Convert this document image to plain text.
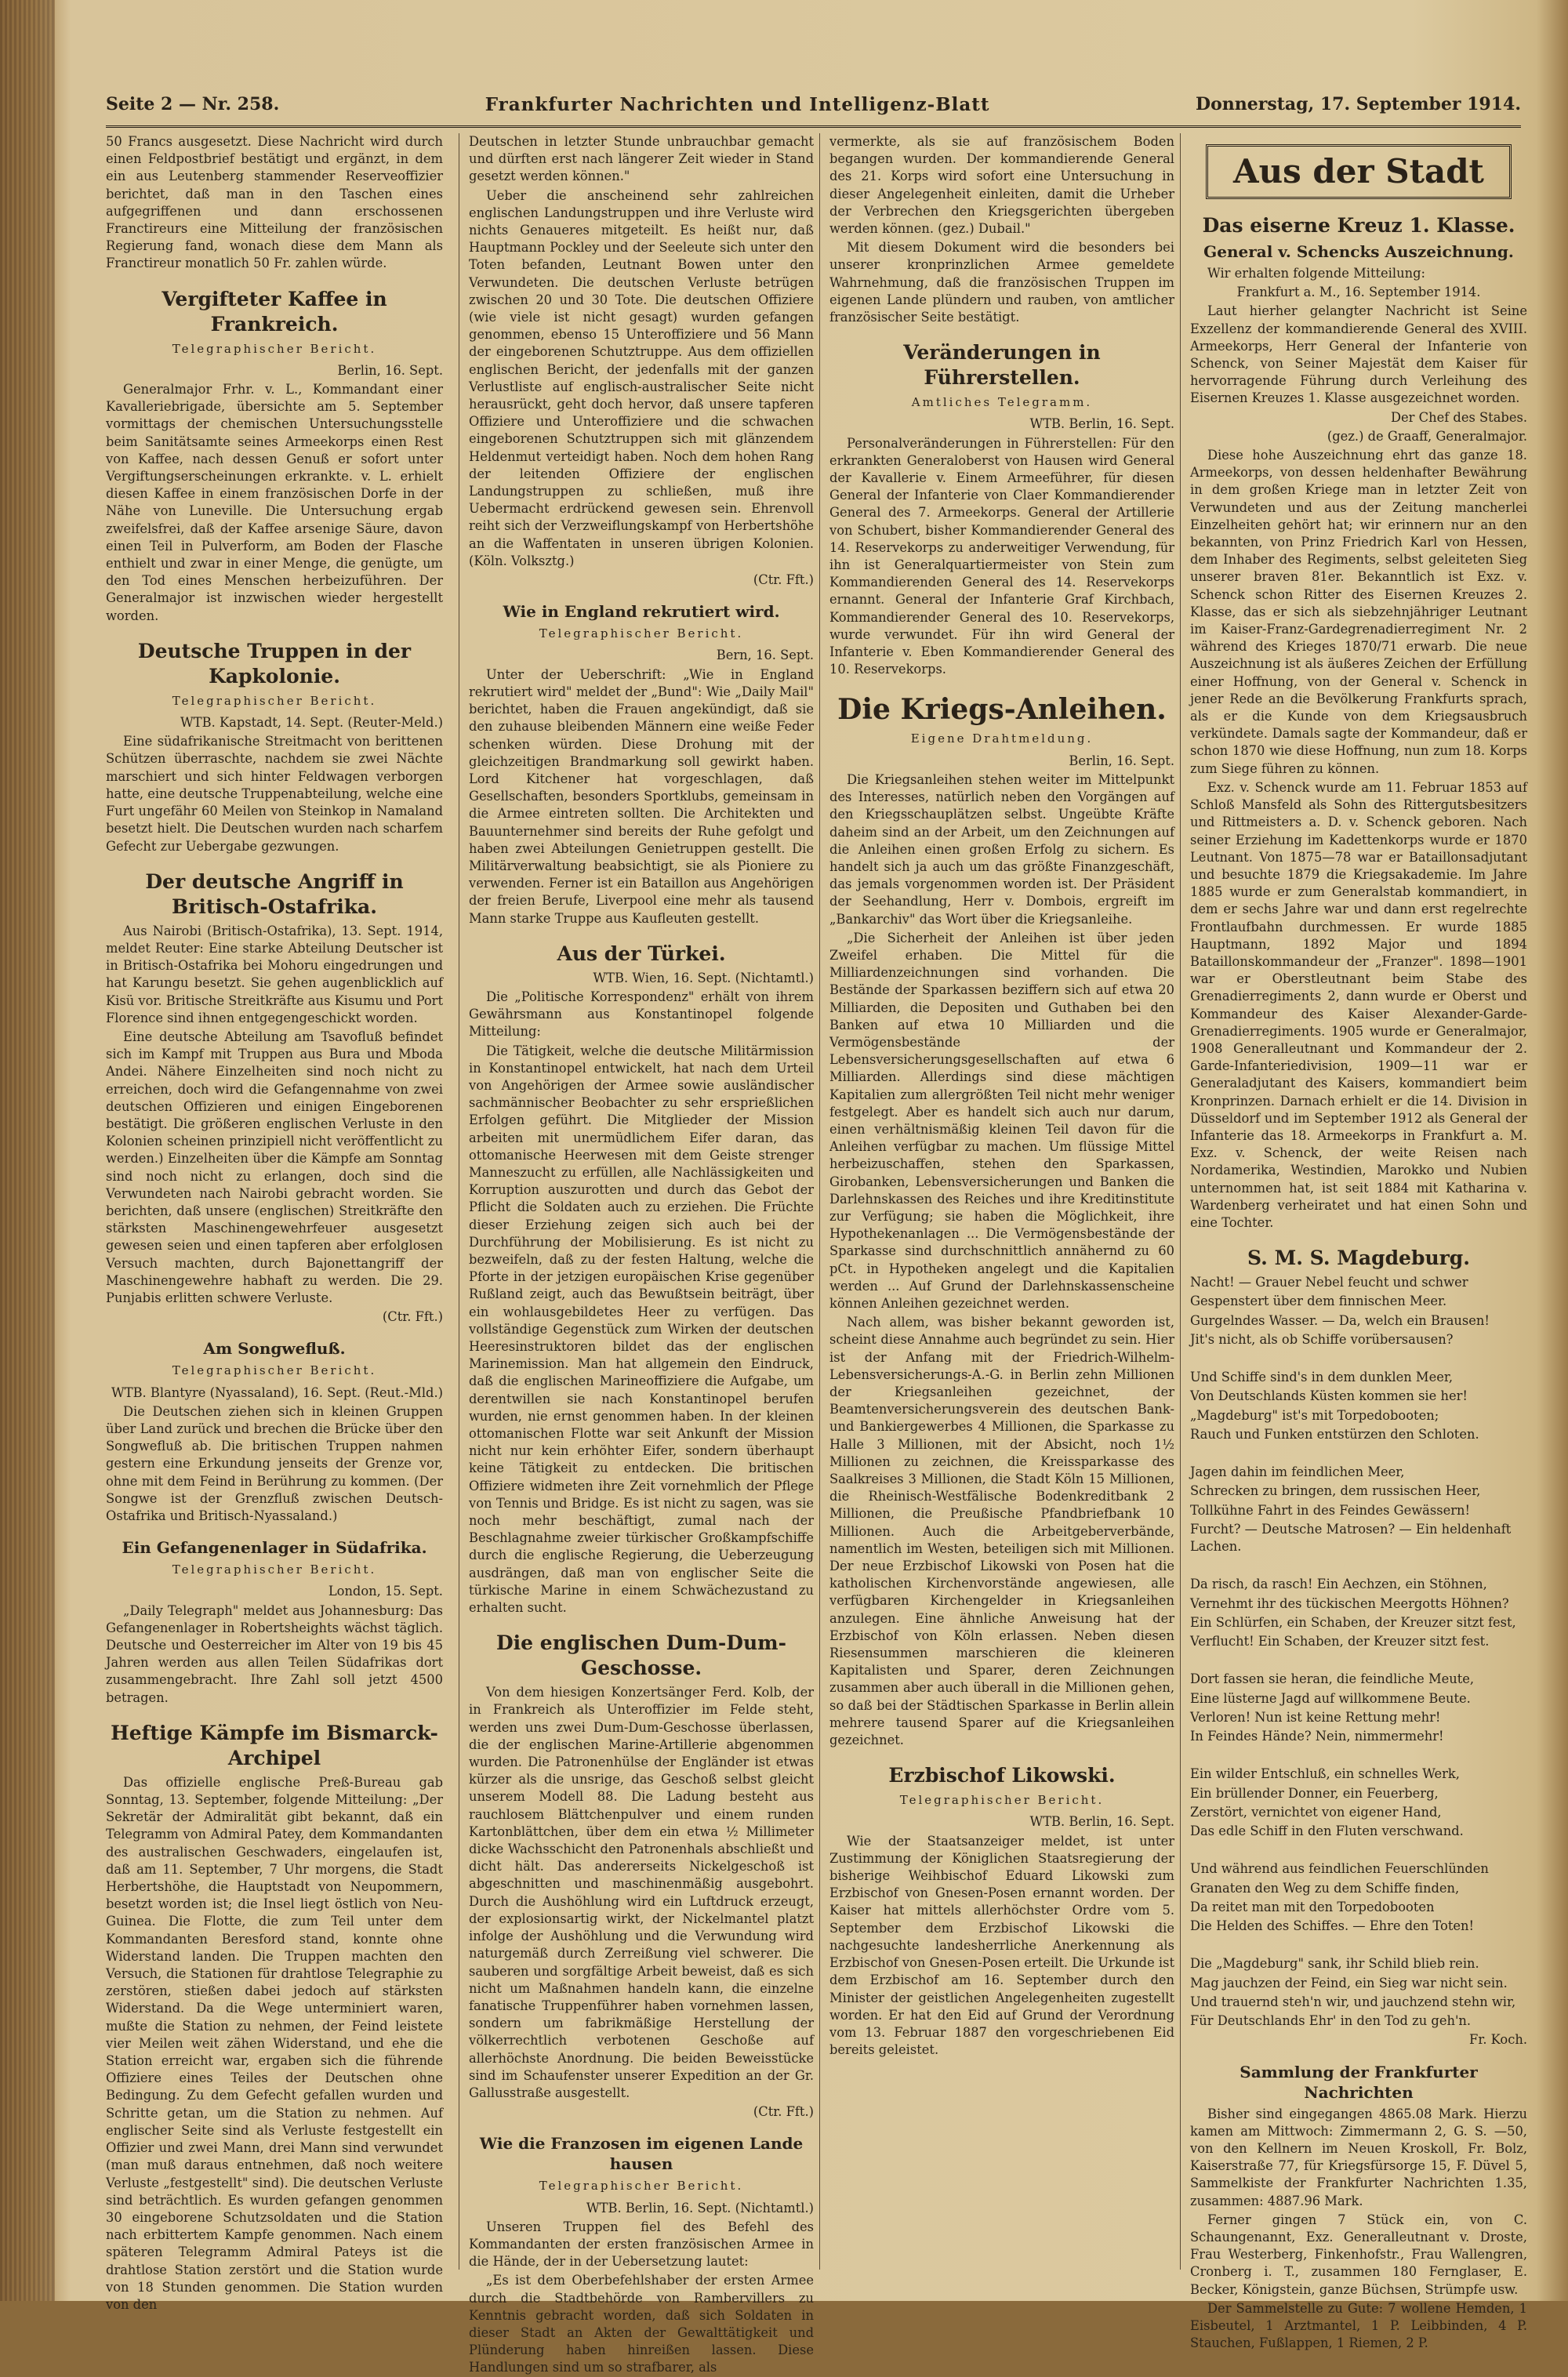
Seite 2 — Nr. 258.	Frankfurter Nachrichten und Intelligenz-Blatt	Donnerstag, 17. September 1914.

50 Francs ausgesetzt. Diese Nachricht wird durch einen Feldpostbrief bestätigt und ergänzt, in dem ein aus Leutenberg stammender Reserveoffizier berichtet, daß man in den Taschen eines aufgegriffenen und dann erschossenen Franctireurs eine Mitteilung der französischen Regierung fand, wonach diese dem Mann als Franctireur monatlich 50 Fr. zahlen würde.

Vergifteter Kaffee in Frankreich.
Telegraphischer Bericht.
Berlin, 16. Sept.

Generalmajor Frhr. v. L., Kommandant einer Kavalleriebrigade, übersichte am 5. September vormittags der chemischen Untersuchungsstelle beim Sanitätsamte seines Armeekorps einen Rest von Kaffee, nach dessen Genuß er sofort unter Vergiftungserscheinungen erkrankte. v. L. erhielt diesen Kaffee in einem französischen Dorfe in der Nähe von Luneville. Die Untersuchung ergab zweifelsfrei, daß der Kaffee arsenige Säure, davon einen Teil in Pulverform, am Boden der Flasche enthielt und zwar in einer Menge, die genügte, um den Tod eines Menschen herbeizuführen. Der Generalmajor ist inzwischen wieder hergestellt worden.

Deutsche Truppen in der Kapkolonie.
Telegraphischer Bericht.
WTB. Kapstadt, 14. Sept. (Reuter-Meld.)

Eine südafrikanische Streitmacht von berittenen Schützen überraschte, nachdem sie zwei Nächte marschiert und sich hinter Feldwagen verborgen hatte, eine deutsche Truppenabteilung, welche eine Furt ungefähr 60 Meilen von Steinkop in Namaland besetzt hielt. Die Deutschen wurden nach scharfem Gefecht zur Uebergabe gezwungen.

Der deutsche Angriff in Britisch-Ostafrika.

Aus Nairobi (Britisch-Ostafrika), 13. Sept. 1914, meldet Reuter: Eine starke Abteilung Deutscher ist in Britisch-Ostafrika bei Mohoru eingedrungen und hat Karungu besetzt. Sie gehen augenblicklich auf Kisü vor. Britische Streitkräfte aus Kisumu und Port Florence sind ihnen entgegengeschickt worden.

Eine deutsche Abteilung am Tsavofluß befindet sich im Kampf mit Truppen aus Bura und Mboda Andei. Nähere Einzelheiten sind noch nicht zu erreichen, doch wird die Gefangennahme von zwei deutschen Offizieren und einigen Eingeborenen bestätigt. Die größeren englischen Verluste in den Kolonien scheinen prinzipiell nicht veröffentlicht zu werden.) Einzelheiten über die Kämpfe am Sonntag sind noch nicht zu erlangen, doch sind die Verwundeten nach Nairobi gebracht worden. Sie berichten, daß unsere (englischen) Streitkräfte den stärksten Maschinengewehrfeuer ausgesetzt gewesen seien und einen tapferen aber erfolglosen Versuch machten, durch Bajonettangriff der Maschinengewehre habhaft zu werden. Die 29. Punjabis erlitten schwere Verluste.

(Ctr. Fft.)
Am Songwefluß.
Telegraphischer Bericht.
WTB. Blantyre (Nyassaland), 16. Sept. (Reut.-Mld.)

Die Deutschen ziehen sich in kleinen Gruppen über Land zurück und brechen die Brücke über den Songwefluß ab. Die britischen Truppen nahmen gestern eine Erkundung jenseits der Grenze vor, ohne mit dem Feind in Berührung zu kommen. (Der Songwe ist der Grenzfluß zwischen Deutsch-Ostafrika und Britisch-Nyassaland.)

Ein Gefangenenlager in Südafrika.
Telegraphischer Bericht.
London, 15. Sept.

„Daily Telegraph" meldet aus Johannesburg: Das Gefangenenlager in Robertsheights wächst täglich. Deutsche und Oesterreicher im Alter von 19 bis 45 Jahren werden aus allen Teilen Südafrikas dort zusammengebracht. Ihre Zahl soll jetzt 4500 betragen.

Heftige Kämpfe im Bismarck-Archipel

Das offizielle englische Preß-Bureau gab Sonntag, 13. September, folgende Mitteilung: „Der Sekretär der Admiralität gibt bekannt, daß ein Telegramm von Admiral Patey, dem Kommandanten des australischen Geschwaders, eingelaufen ist, daß am 11. September, 7 Uhr morgens, die Stadt Herbertshöhe, die Hauptstadt von Neupommern, besetzt worden ist; die Insel liegt östlich von Neu-Guinea. Die Flotte, die zum Teil unter dem Kommandanten Beresford stand, konnte ohne Widerstand landen. Die Truppen machten den Versuch, die Stationen für drahtlose Telegraphie zu zerstören, stießen dabei jedoch auf stärksten Widerstand. Da die Wege unterminiert waren, mußte die Station zu nehmen, der Feind leistete vier Meilen weit zähen Widerstand, und ehe die Station erreicht war, ergaben sich die führende Offiziere eines Teiles der Deutschen ohne Bedingung. Zu dem Gefecht gefallen wurden und Schritte getan, um die Station zu nehmen. Auf englischer Seite sind als Verluste festgestellt ein Offizier und zwei Mann, drei Mann sind verwundet (man muß daraus entnehmen, daß noch weitere Verluste „festgestellt" sind). Die deutschen Verluste sind beträchtlich. Es wurden gefangen genommen 30 eingeborene Schutzsoldaten und die Station nach erbittertem Kampfe genommen. Nach einem späteren Telegramm Admiral Pateys ist die drahtlose Station zerstört und die Station wurde von 18 Stunden genommen. Die Station wurden von den

Deutschen in letzter Stunde unbrauchbar gemacht und dürften erst nach längerer Zeit wieder in Stand gesetzt werden können."

Ueber die anscheinend sehr zahlreichen englischen Landungstruppen und ihre Verluste wird nichts Genaueres mitgeteilt. Es heißt nur, daß Hauptmann Pockley und der Seeleute sich unter den Toten befanden, Leutnant Bowen unter den Verwundeten. Die deutschen Verluste betrügen zwischen 20 und 30 Tote. Die deutschen Offiziere (wie viele ist nicht gesagt) wurden gefangen genommen, ebenso 15 Unteroffiziere und 56 Mann der eingeborenen Schutztruppe. Aus dem offiziellen englischen Bericht, der jedenfalls mit der ganzen Verlustliste auf englisch-australischer Seite nicht herausrückt, geht doch hervor, daß unsere tapferen Offiziere und Unteroffiziere und die schwachen eingeborenen Schutztruppen sich mit glänzendem Heldenmut verteidigt haben. Noch dem hohen Rang der leitenden Offiziere der englischen Landungstruppen zu schließen, muß ihre Uebermacht erdrückend gewesen sein. Ehrenvoll reiht sich der Verzweiflungskampf von Herbertshöhe an die Waffentaten in unseren übrigen Kolonien. (Köln. Volksztg.)

(Ctr. Fft.)
Wie in England rekrutiert wird.
Telegraphischer Bericht.
Bern, 16. Sept.

Unter der Ueberschrift: „Wie in England rekrutiert wird" meldet der „Bund": Wie „Daily Mail" berichtet, haben die Frauen angekündigt, daß sie den zuhause bleibenden Männern eine weiße Feder schenken würden. Diese Drohung mit der gleichzeitigen Brandmarkung soll gewirkt haben. Lord Kitchener hat vorgeschlagen, daß Gesellschaften, besonders Sportklubs, gemeinsam in die Armee eintreten sollten. Die Architekten und Bauunternehmer sind bereits der Ruhe gefolgt und haben zwei Abteilungen Genietruppen gestellt. Die Militärverwaltung beabsichtigt, sie als Pioniere zu verwenden. Ferner ist ein Bataillon aus Angehörigen der freien Berufe, Liverpool eine mehr als tausend Mann starke Truppe aus Kaufleuten gestellt.

Aus der Türkei.
WTB. Wien, 16. Sept. (Nichtamtl.)

Die „Politische Korrespondenz" erhält von ihrem Gewährsmann aus Konstantinopel folgende Mitteilung:

Die Tätigkeit, welche die deutsche Militärmission in Konstantinopel entwickelt, hat nach dem Urteil von Angehörigen der Armee sowie ausländischer sachmännischer Beobachter zu sehr ersprießlichen Erfolgen geführt. Die Mitglieder der Mission arbeiten mit unermüdlichem Eifer daran, das ottomanische Heerwesen mit dem Geiste strenger Manneszucht zu erfüllen, alle Nachlässigkeiten und Korruption auszurotten und durch das Gebot der Pflicht die Soldaten auch zu erziehen. Die Früchte dieser Erziehung zeigen sich auch bei der Durchführung der Mobilisierung. Es ist nicht zu bezweifeln, daß zu der festen Haltung, welche die Pforte in der jetzigen europäischen Krise gegenüber Rußland zeigt, auch das Bewußtsein beiträgt, über ein wohlausgebildetes Heer zu verfügen. Das vollständige Gegenstück zum Wirken der deutschen Heeresinstruktoren bildet das der englischen Marinemission. Man hat allgemein den Eindruck, daß die englischen Marineoffiziere die Aufgabe, um derentwillen sie nach Konstantinopel berufen wurden, nie ernst genommen haben. In der kleinen ottomanischen Flotte war seit Ankunft der Mission nicht nur kein erhöhter Eifer, sondern überhaupt keine Tätigkeit zu entdecken. Die britischen Offiziere widmeten ihre Zeit vornehmlich der Pflege von Tennis und Bridge. Es ist nicht zu sagen, was sie noch mehr beschäftigt, zumal nach der Beschlagnahme zweier türkischer Großkampfschiffe durch die englische Regierung, die Ueberzeugung ausdrängen, daß man von englischer Seite die türkische Marine in einem Schwächezustand zu erhalten sucht.

Die englischen Dum-Dum-Geschosse.

Von dem hiesigen Konzertsänger Ferd. Kolb, der in Frankreich als Unteroffizier im Felde steht, werden uns zwei Dum-Dum-Geschosse überlassen, die der englischen Marine-Artillerie abgenommen wurden. Die Patronenhülse der Engländer ist etwas kürzer als die unsrige, das Geschoß selbst gleicht unserem Modell 88. Die Ladung besteht aus rauchlosem Blättchenpulver und einem runden Kartonblättchen, über dem ein etwa ½ Millimeter dicke Wachsschicht den Patronenhals abschließt und dicht hält. Das andererseits Nickelgeschoß ist abgeschnitten und maschinenmäßig ausgebohrt. Durch die Aushöhlung wird ein Luftdruck erzeugt, der explosionsartig wirkt, der Nickelmantel platzt infolge der Aushöhlung und die Verwundung wird naturgemäß durch Zerreißung viel schwerer. Die sauberen und sorgfältige Arbeit beweist, daß es sich nicht um Maßnahmen handeln kann, die einzelne fanatische Truppenführer haben vornehmen lassen, sondern um fabrikmäßige Herstellung der völkerrechtlich verbotenen Geschoße auf allerhöchste Anordnung. Die beiden Beweisstücke sind im Schaufenster unserer Expedition an der Gr. Gallusstraße ausgestellt.

(Ctr. Fft.)
Wie die Franzosen im eigenen Lande hausen
Telegraphischer Bericht.
WTB. Berlin, 16. Sept. (Nichtamtl.)

Unseren Truppen fiel des Befehl des Kommandanten der ersten französischen Armee in die Hände, der in der Uebersetzung lautet:

„Es ist dem Oberbefehlshaber der ersten Armee durch die Stadtbehörde von Rambervillers zu Kenntnis gebracht worden, daß sich Soldaten in dieser Stadt an Akten der Gewalttätigkeit und Plünderung haben hinreißen lassen. Diese Handlungen sind um so strafbarer, als

vermerkte, als sie auf französischem Boden begangen wurden. Der kommandierende General des 21. Korps wird sofort eine Untersuchung in dieser Angelegenheit einleiten, damit die Urheber der Verbrechen den Kriegsgerichten übergeben werden können. (gez.) Dubail."

Mit diesem Dokument wird die besonders bei unserer kronprinzlichen Armee gemeldete Wahrnehmung, daß die französischen Truppen im eigenen Lande plündern und rauben, von amtlicher französischer Seite bestätigt.

Veränderungen in Führerstellen.
Amtliches Telegramm.
WTB. Berlin, 16. Sept.

Personalveränderungen in Führerstellen: Für den erkrankten Generaloberst von Hausen wird General der Kavallerie v. Einem Armeeführer, für diesen General der Infanterie von Claer Kommandierender General des 7. Armeekorps. General der Artillerie von Schubert, bisher Kommandierender General des 14. Reservekorps zu anderweitiger Verwendung, für ihn ist Generalquartiermeister von Stein zum Kommandierenden General des 14. Reservekorps ernannt. General der Infanterie Graf Kirchbach, Kommandierender General des 10. Reservekorps, wurde verwundet. Für ihn wird General der Infanterie v. Eben Kommandierender General des 10. Reservekorps.

Die Kriegs-Anleihen.
Eigene Drahtmeldung.
Berlin, 16. Sept.

Die Kriegsanleihen stehen weiter im Mittelpunkt des Interesses, natürlich neben den Vorgängen auf den Kriegsschauplätzen selbst. Ungeübte Kräfte daheim sind an der Arbeit, um den Zeichnungen auf die Anleihen einen großen Erfolg zu sichern. Es handelt sich ja auch um das größte Finanzgeschäft, das jemals vorgenommen worden ist. Der Präsident der Seehandlung, Herr v. Dombois, ergreift im „Bankarchiv" das Wort über die Kriegsanleihe.

„Die Sicherheit der Anleihen ist über jeden Zweifel erhaben. Die Mittel für die Milliardenzeichnungen sind vorhanden. Die Bestände der Sparkassen beziffern sich auf etwa 20 Milliarden, die Depositen und Guthaben bei den Banken auf etwa 10 Milliarden und die Vermögensbestände der Lebensversicherungsgesellschaften auf etwa 6 Milliarden. Allerdings sind diese mächtigen Kapitalien zum allergrößten Teil nicht mehr weniger festgelegt. Aber es handelt sich auch nur darum, einen verhältnismäßig kleinen Teil davon für die Anleihen verfügbar zu machen. Um flüssige Mittel herbeizuschaffen, stehen den Sparkassen, Girobanken, Lebensversicherungen und Banken die Darlehnskassen des Reiches und ihre Kreditinstitute zur Verfügung; sie haben die Möglichkeit, ihre Hypothekenanlagen ... Die Vermögensbestände der Sparkasse sind durchschnittlich annähernd zu 60 pCt. in Hypotheken angelegt und die Kapitalien werden ... Auf Grund der Darlehnskassenscheine können Anleihen gezeichnet werden.

Nach allem, was bisher bekannt geworden ist, scheint diese Annahme auch begründet zu sein. Hier ist der Anfang mit der Friedrich-Wilhelm-Lebensversicherungs-A.-G. in Berlin zehn Millionen der Kriegsanleihen gezeichnet, der Beamtenversicherungsverein des deutschen Bank- und Bankiergewerbes 4 Millionen, die Sparkasse zu Halle 3 Millionen, mit der Absicht, noch 1½ Millionen zu zeichnen, die Kreissparkasse des Saalkreises 3 Millionen, die Stadt Köln 15 Millionen, die Rheinisch-Westfälische Bodenkreditbank 2 Millionen, die Preußische Pfandbriefbank 10 Millionen. Auch die Arbeitgeberverbände, namentlich im Westen, beteiligen sich mit Millionen. Der neue Erzbischof Likowski von Posen hat die katholischen Kirchenvorstände angewiesen, alle verfügbaren Kirchengelder in Kriegsanleihen anzulegen. Eine ähnliche Anweisung hat der Erzbischof von Köln erlassen. Neben diesen Riesensummen marschieren die kleineren Kapitalisten und Sparer, deren Zeichnungen zusammen aber auch überall in die Millionen gehen, so daß bei der Städtischen Sparkasse in Berlin allein mehrere tausend Sparer auf die Kriegsanleihen gezeichnet.

Erzbischof Likowski.
Telegraphischer Bericht.
WTB. Berlin, 16. Sept.

Wie der Staatsanzeiger meldet, ist unter Zustimmung der Königlichen Staatsregierung der bisherige Weihbischof Eduard Likowski zum Erzbischof von Gnesen-Posen ernannt worden. Der Kaiser hat mittels allerhöchster Ordre vom 5. September dem Erzbischof Likowski die nachgesuchte landesherrliche Anerkennung als Erzbischof von Gnesen-Posen erteilt. Die Urkunde ist dem Erzbischof am 16. September durch den Minister der geistlichen Angelegenheiten zugestellt worden. Er hat den Eid auf Grund der Verordnung vom 13. Februar 1887 den vorgeschriebenen Eid bereits geleistet.

Aus der Stadt
Das eiserne Kreuz 1. Klasse.
General v. Schencks Auszeichnung.

Wir erhalten folgende Mitteilung:

Frankfurt a. M., 16. September 1914.

Laut hierher gelangter Nachricht ist Seine Exzellenz der kommandierende General des XVIII. Armeekorps, Herr General der Infanterie von Schenck, von Seiner Majestät dem Kaiser für hervorragende Führung durch Verleihung des Eisernen Kreuzes 1. Klasse ausgezeichnet worden.

Der Chef des Stabes.
(gez.) de Graaff, Generalmajor.

Diese hohe Auszeichnung ehrt das ganze 18. Armeekorps, von dessen heldenhafter Bewährung in dem großen Kriege man in letzter Zeit von Verwundeten und aus der Zeitung mancherlei Einzelheiten gehört hat; wir erinnern nur an den bekannten, von Prinz Friedrich Karl von Hessen, dem Inhaber des Regiments, selbst geleiteten Sieg unserer braven 81er. Bekanntlich ist Exz. v. Schenck schon Ritter des Eisernen Kreuzes 2. Klasse, das er sich als siebzehnjähriger Leutnant im Kaiser-Franz-Gardegrenadierregiment Nr. 2 während des Krieges 1870/71 erwarb. Die neue Auszeichnung ist als äußeres Zeichen der Erfüllung einer Hoffnung, von der General v. Schenck in jener Rede an die Bevölkerung Frankfurts sprach, als er die Kunde von dem Kriegsausbruch verkündete. Damals sagte der Kommandeur, daß er schon 1870 wie diese Hoffnung, nun zum 18. Korps zum Siege führen zu können.

Exz. v. Schenck wurde am 11. Februar 1853 auf Schloß Mansfeld als Sohn des Rittergutsbesitzers und Rittmeisters a. D. v. Schenck geboren. Nach seiner Erziehung im Kadettenkorps wurde er 1870 Leutnant. Von 1875—78 war er Bataillonsadjutant und besuchte 1879 die Kriegsakademie. Im Jahre 1885 wurde er zum Generalstab kommandiert, in dem er sechs Jahre war und dann erst regelrechte Frontlaufbahn durchmessen. Er wurde 1885 Hauptmann, 1892 Major und 1894 Bataillonskommandeur der „Franzer". 1898—1901 war er Oberstleutnant beim Stabe des Grenadierregiments 2, dann wurde er Oberst und Kommandeur des Kaiser Alexander-Garde-Grenadierregiments. 1905 wurde er Generalmajor, 1908 Generalleutnant und Kommandeur der 2. Garde-Infanteriedivision, 1909—11 war er Generaladjutant des Kaisers, kommandiert beim Kronprinzen. Darnach erhielt er die 14. Division in Düsseldorf und im September 1912 als General der Infanterie das 18. Armeekorps in Frankfurt a. M. Exz. v. Schenck, der weite Reisen nach Nordamerika, Westindien, Marokko und Nubien unternommen hat, ist seit 1884 mit Katharina v. Wardenberg verheiratet und hat einen Sohn und eine Tochter.

S. M. S. Magdeburg.

Nacht! — Grauer Nebel feucht und schwer

Gespenstert über dem finnischen Meer.

Gurgelndes Wasser. — Da, welch ein Brausen!

Jit's nicht, als ob Schiffe vorübersausen?

Und Schiffe sind's in dem dunklen Meer,

Von Deutschlands Küsten kommen sie her!

„Magdeburg" ist's mit Torpedobooten;

Rauch und Funken entstürzen den Schloten.

Jagen dahin im feindlichen Meer,

Schrecken zu bringen, dem russischen Heer,

Tollkühne Fahrt in des Feindes Gewässern!

Furcht? — Deutsche Matrosen? — Ein heldenhaft Lachen.

Da risch, da rasch! Ein Aechzen, ein Stöhnen,

Vernehmt ihr des tückischen Meergotts Höhnen?

Ein Schlürfen, ein Schaben, der Kreuzer sitzt fest,

Verflucht! Ein Schaben, der Kreuzer sitzt fest.

Dort fassen sie heran, die feindliche Meute,

Eine lüsterne Jagd auf willkommene Beute.

Verloren! Nun ist keine Rettung mehr!

In Feindes Hände? Nein, nimmermehr!

Ein wilder Entschluß, ein schnelles Werk,

Ein brüllender Donner, ein Feuerberg,

Zerstört, vernichtet von eigener Hand,

Das edle Schiff in den Fluten verschwand.

Und während aus feindlichen Feuerschlünden

Granaten den Weg zu dem Schiffe finden,

Da reitet man mit den Torpedobooten

Die Helden des Schiffes. — Ehre den Toten!

Die „Magdeburg" sank, ihr Schild blieb rein.

Mag jauchzen der Feind, ein Sieg war nicht sein.

Und trauernd steh'n wir, und jauchzend stehn wir,

Für Deutschlands Ehr' in den Tod zu geh'n.

Fr. Koch.
Sammlung der Frankfurter Nachrichten

Bisher sind eingegangen 4865.08 Mark. Hierzu kamen am Mittwoch: Zimmermann 2, G. S. —50, von den Kellnern im Neuen Kroskoll, Fr. Bolz, Kaiserstraße 77, für Kriegsfürsorge 15, F. Düvel 5, Sammelkiste der Frankfurter Nachrichten 1.35, zusammen: 4887.96 Mark.

Ferner gingen 7 Stück ein, von C. Schaungenannt, Exz. Generalleutnant v. Droste, Frau Westerberg, Finkenhofstr., Frau Wallengren, Cronberg i. T., zusammen 180 Fernglaser, E. Becker, Königstein, ganze Büchsen, Strümpfe usw.

Der Sammelstelle zu Gute: 7 wollene Hemden, 1 Eisbeutel, 1 Arztmantel, 1 P. Leibbinden, 4 P. Stauchen, Fußlappen, 1 Riemen, 2 P.
